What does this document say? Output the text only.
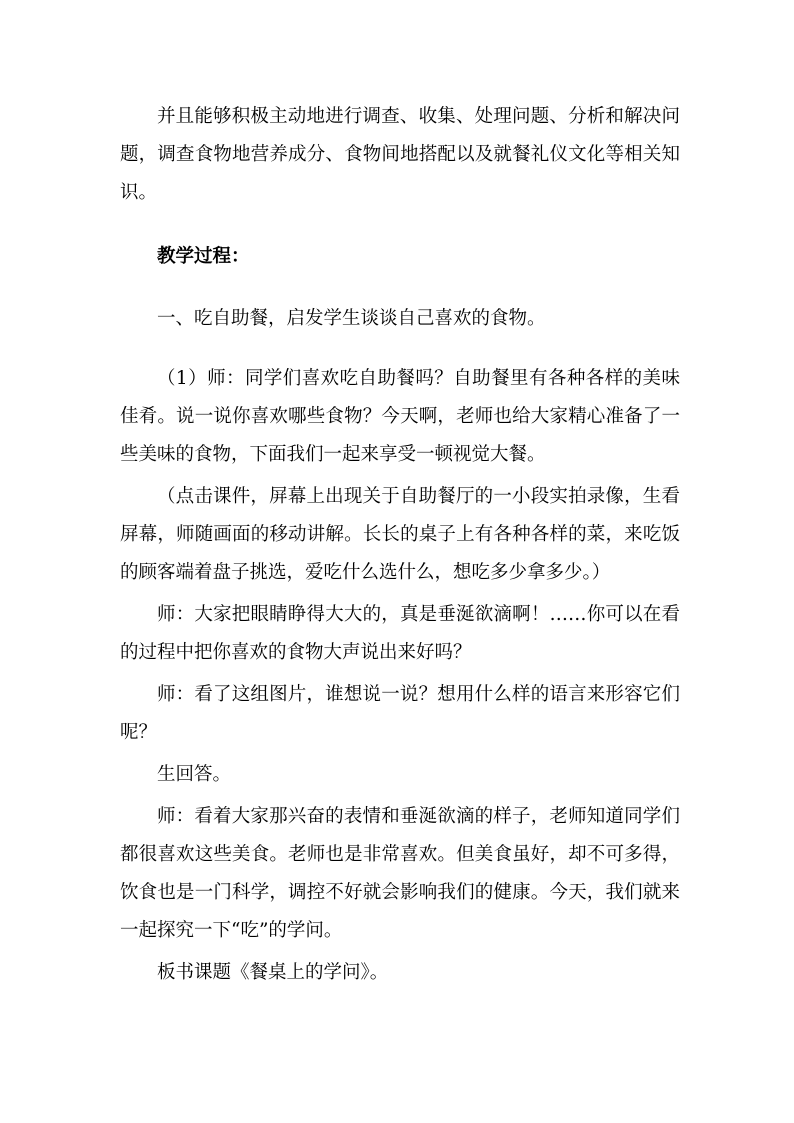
并且能够积极主动地进行调查、收集、处理问题、分析和解决问题，调查食物地营养成分、食物间地搭配以及就餐礼仪文化等相关知识。

教学过程：

一、吃自助餐，启发学生谈谈自己喜欢的食物。

（1）师：同学们喜欢吃自助餐吗？自助餐里有各种各样的美味佳肴。说一说你喜欢哪些食物？今天啊，老师也给大家精心准备了一些美味的食物，下面我们一起来享受一顿视觉大餐。

（点击课件，屏幕上出现关于自助餐厅的一小段实拍录像，生看屏幕，师随画面的移动讲解。长长的桌子上有各种各样的菜，来吃饭的顾客端着盘子挑选，爱吃什么选什么，想吃多少拿多少。）

师：大家把眼睛睁得大大的，真是垂涎欲滴啊！……你可以在看的过程中把你喜欢的食物大声说出来好吗？

师：看了这组图片，谁想说一说？想用什么样的语言来形容它们呢？

生回答。

师：看着大家那兴奋的表情和垂涎欲滴的样子，老师知道同学们都很喜欢这些美食。老师也是非常喜欢。但美食虽好，却不可多得，饮食也是一门科学，调控不好就会影响我们的健康。今天，我们就来一起探究一下“吃”的学问。

板书课题《餐桌上的学问》。
